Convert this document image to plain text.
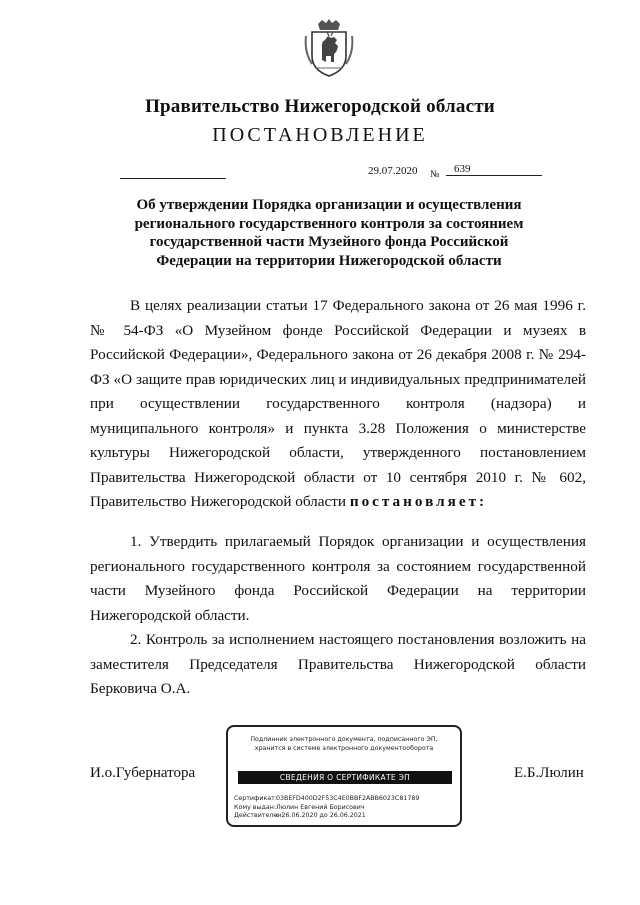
Правительство Нижегородской области
ПОСТАНОВЛЕНИЕ
29.07.2020 №	639
Об утверждении Порядка организации и осуществления регионального государственного контроля за состоянием государственной части Музейного фонда Российской Федерации на территории Нижегородской области
В целях реализации статьи 17 Федерального закона от 26 мая 1996 г. № 54-ФЗ «О Музейном фонде Российской Федерации и музеях в Российской Федерации», Федерального закона от 26 декабря 2008 г. № 294-ФЗ «О защите прав юридических лиц и индивидуальных предпринимателей при осуществлении государственного контроля (надзора) и муниципального контроля» и пункта 3.28 Положения о министерстве культуры Нижегородской области, утвержденного постановлением Правительства Нижегородской области от 10 сентября 2010 г. № 602, Правительство Нижегородской области постановляет:
1. Утвердить прилагаемый Порядок организации и осуществления регионального государственного контроля за состоянием государственной части Музейного фонда Российской Федерации на территории Нижегородской области.
2. Контроль за исполнением настоящего постановления возложить на заместителя Председателя Правительства Нижегородской области Берковича О.А.
И.о.Губернатора	Е.Б.Люлин
Подлинник электронного документа, подписанного ЭП,
хранится в системе электронного документооборота
СВЕДЕНИЯ О СЕРТИФИКАТЕ ЭП
Сертификат:03BEFD400D2F53C4E0BBF2ABB6023C81789
Кому выдан:Люлин Евгений Борисович
Действителен:с 26.06.2020 до 26.06.2021
